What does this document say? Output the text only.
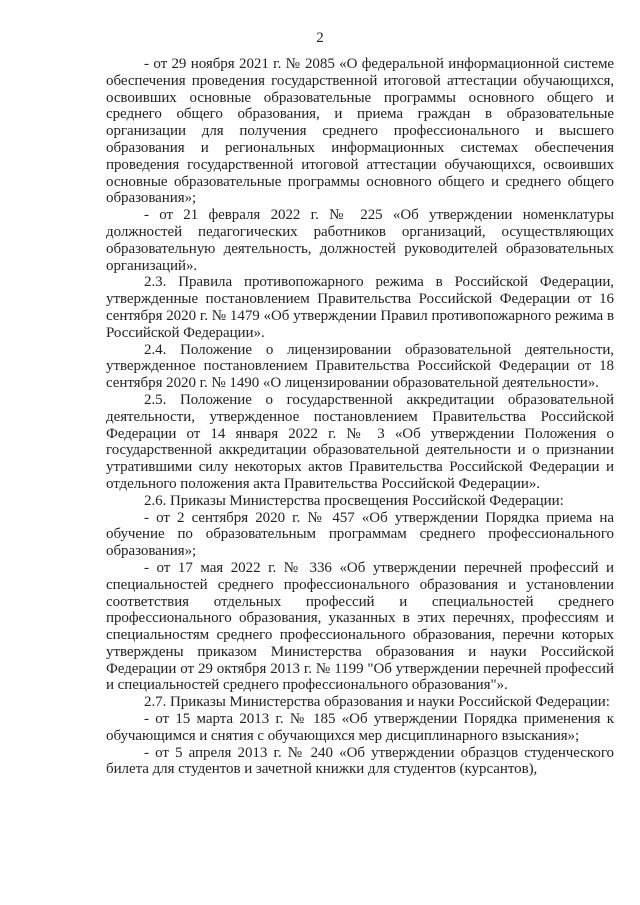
2

- от 29 ноября 2021 г. № 2085 «О федеральной информационной системе обеспечения проведения государственной итоговой аттестации обучающихся, освоивших основные образовательные программы основного общего и среднего общего образования, и приема граждан в образовательные организации для получения среднего профессионального и высшего образования и региональных информационных системах обеспечения проведения государственной итоговой аттестации обучающихся, освоивших основные образовательные программы основного общего и среднего общего образования»;

- от 21 февраля 2022 г. № 225 «Об утверждении номенклатуры должностей педагогических работников организаций, осуществляющих образовательную деятельность, должностей руководителей образовательных организаций».

2.3. Правила противопожарного режима в Российской Федерации, утвержденные постановлением Правительства Российской Федерации от 16 сентября 2020 г. № 1479 «Об утверждении Правил противопожарного режима в Российской Федерации».

2.4. Положение о лицензировании образовательной деятельности, утвержденное постановлением Правительства Российской Федерации от 18 сентября 2020 г. № 1490 «О лицензировании образовательной деятельности».

2.5. Положение о государственной аккредитации образовательной деятельности, утвержденное постановлением Правительства Российской Федерации от 14 января 2022 г. № 3 «Об утверждении Положения о государственной аккредитации образовательной деятельности и о признании утратившими силу некоторых актов Правительства Российской Федерации и отдельного положения акта Правительства Российской Федерации».

2.6. Приказы Министерства просвещения Российской Федерации:

- от 2 сентября 2020 г. № 457 «Об утверждении Порядка приема на обучение по образовательным программам среднего профессионального образования»;

- от 17 мая 2022 г. № 336 «Об утверждении перечней профессий и специальностей среднего профессионального образования и установлении соответствия отдельных профессий и специальностей среднего профессионального образования, указанных в этих перечнях, профессиям и специальностям среднего профессионального образования, перечни которых утверждены приказом Министерства образования и науки Российской Федерации от 29 октября 2013 г. № 1199 "Об утверждении перечней профессий и специальностей среднего профессионального образования"».

2.7. Приказы Министерства образования и науки Российской Федерации:

- от 15 марта 2013 г. № 185 «Об утверждении Порядка применения к обучающимся и снятия с обучающихся мер дисциплинарного взыскания»;

- от 5 апреля 2013 г. № 240 «Об утверждении образцов студенческого билета для студентов и зачетной книжки для студентов (курсантов),
